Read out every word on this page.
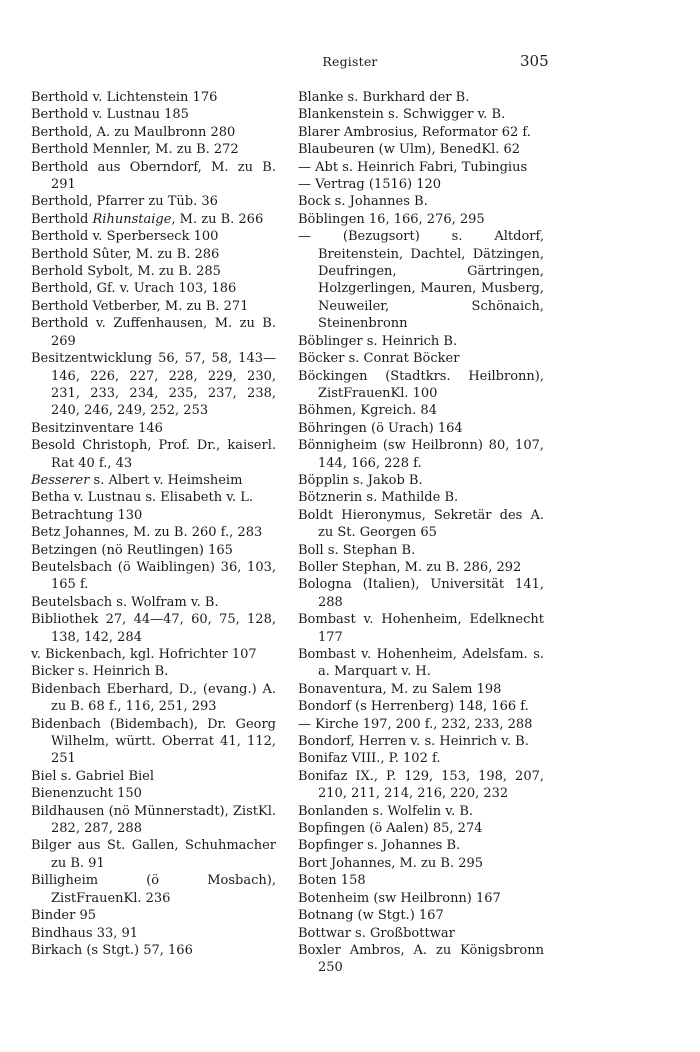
Register	305
Berthold v. Lichtenstein 176
Berthold v. Lustnau 185
Berthold, A. zu Maulbronn 280
Berthold Mennler, M. zu B. 272
Berthold aus Oberndorf, M. zu B. 291
Berthold, Pfarrer zu Tüb. 36
Berthold Rihunstaige, M. zu B. 266
Berthold v. Sperberseck 100
Berthold Sûter, M. zu B. 286
Berhold Sybolt, M. zu B. 285
Berthold, Gf. v. Urach 103, 186
Berthold Vetberber, M. zu B. 271
Berthold v. Zuffenhausen, M. zu B. 269
Besitzentwicklung 56, 57, 58, 143—146, 226, 227, 228, 229, 230, 231, 233, 234, 235, 237, 238, 240, 246, 249, 252, 253
Besitzinventare 146
Besold Christoph, Prof. Dr., kaiserl. Rat 40 f., 43
Besserer s. Albert v. Heimsheim
Betha v. Lustnau s. Elisabeth v. L.
Betrachtung 130
Betz Johannes, M. zu B. 260 f., 283
Betzingen (nö Reutlingen) 165
Beutelsbach (ö Waiblingen) 36, 103, 165 f.
Beutelsbach s. Wolfram v. B.
Bibliothek 27, 44—47, 60, 75, 128, 138, 142, 284
v. Bickenbach, kgl. Hofrichter 107
Bicker s. Heinrich B.
Bidenbach Eberhard, D., (evang.) A. zu B. 68 f., 116, 251, 293
Bidenbach (Bidembach), Dr. Georg Wilhelm, württ. Oberrat 41, 112, 251
Biel s. Gabriel Biel
Bienenzucht 150
Bildhausen (nö Münnerstadt), ZistKl. 282, 287, 288
Bilger aus St. Gallen, Schuhmacher zu B. 91
Billigheim (ö Mosbach), ZistFrauenKl. 236
Binder 95
Bindhaus 33, 91
Birkach (s Stgt.) 57, 166
Blanke s. Burkhard der B.
Blankenstein s. Schwigger v. B.
Blarer Ambrosius, Reformator 62 f.
Blaubeuren (w Ulm), BenedKl. 62
— Abt s. Heinrich Fabri, Tubingius
— Vertrag (1516) 120
Bock s. Johannes B.
Böblingen 16, 166, 276, 295
— (Bezugsort) s. Altdorf, Breitenstein, Dachtel, Dätzingen, Deufringen, Gärtringen, Holzgerlingen, Mauren, Musberg, Neuweiler, Schönaich, Steinenbronn
Böblinger s. Heinrich B.
Böcker s. Conrat Böcker
Böckingen (Stadtkrs. Heilbronn), ZistFrauenKl. 100
Böhmen, Kgreich. 84
Böhringen (ö Urach) 164
Bönnigheim (sw Heilbronn) 80, 107, 144, 166, 228 f.
Böpplin s. Jakob B.
Bötznerin s. Mathilde B.
Boldt Hieronymus, Sekretär des A. zu St. Georgen 65
Boll s. Stephan B.
Boller Stephan, M. zu B. 286, 292
Bologna (Italien), Universität 141, 288
Bombast v. Hohenheim, Edelknecht 177
Bombast v. Hohenheim, Adelsfam. s. a. Marquart v. H.
Bonaventura, M. zu Salem 198
Bondorf (s Herrenberg) 148, 166 f.
— Kirche 197, 200 f., 232, 233, 288
Bondorf, Herren v. s. Heinrich v. B.
Bonifaz VIII., P. 102 f.
Bonifaz IX., P. 129, 153, 198, 207, 210, 211, 214, 216, 220, 232
Bonlanden s. Wolfelin v. B.
Bopfingen (ö Aalen) 85, 274
Bopfinger s. Johannes B.
Bort Johannes, M. zu B. 295
Boten 158
Botenheim (sw Heilbronn) 167
Botnang (w Stgt.) 167
Bottwar s. Großbottwar
Boxler Ambros, A. zu Königsbronn 250
